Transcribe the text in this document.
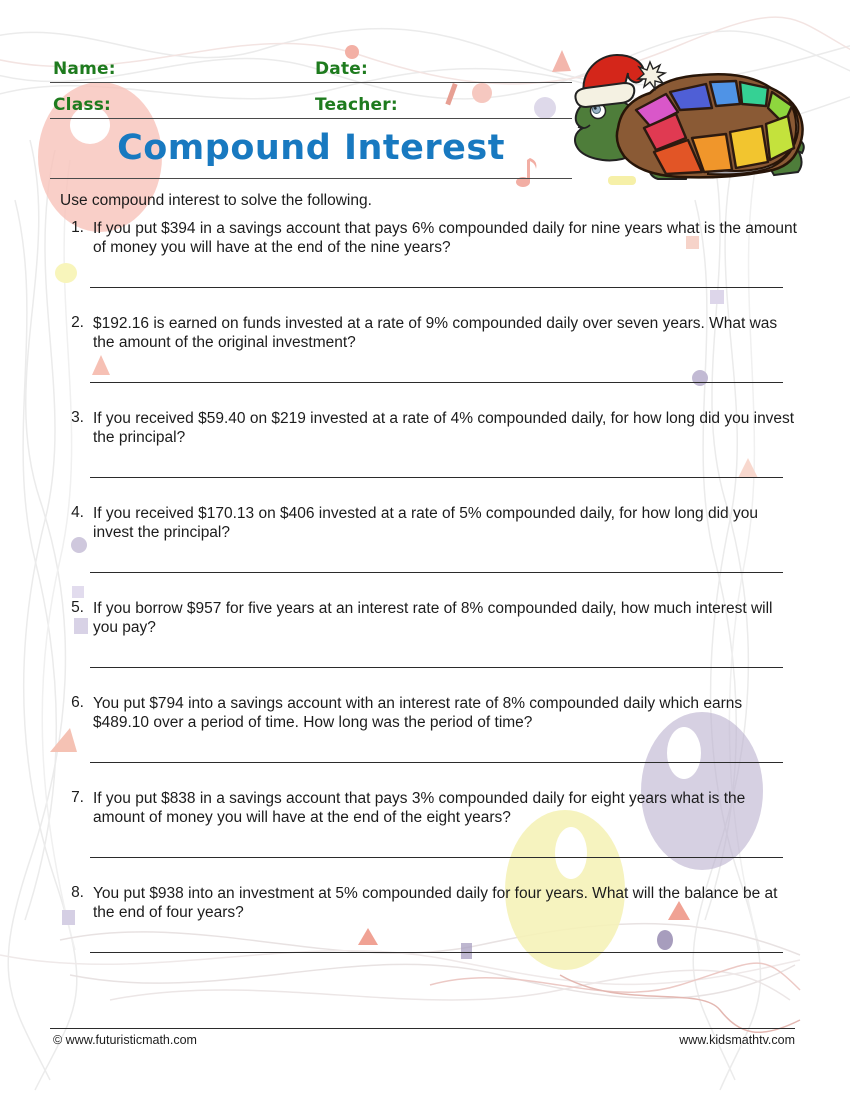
Name:	Date:
Class:	Teacher:
Compound Interest
Use compound interest to solve the following.
1. If you put $394 in a savings account that pays 6% compounded daily for nine years what is the amount of money you will have at the end of the nine years?
2. $192.16 is earned on funds invested at a rate of 9% compounded daily over seven years. What was the amount of the original investment?
3. If you received $59.40 on $219 invested at a rate of 4% compounded daily, for how long did you invest the principal?
4. If you received $170.13 on $406 invested at a rate of 5% compounded daily, for how long did you invest the principal?
5. If you borrow $957 for five years at an interest rate of 8% compounded daily, how much interest will you pay?
6. You put $794 into a savings account with an interest rate of 8% compounded daily which earns $489.10 over a period of time. How long was the period of time?
7. If you put $838 in a savings account that pays 3% compounded daily for eight years what is the amount of money you will have at the end of the eight years?
8. You put $938 into an investment at 5% compounded daily for four years. What will the balance be at the end of four years?
© www.futuristicmath.com	www.kidsmathtv.com
